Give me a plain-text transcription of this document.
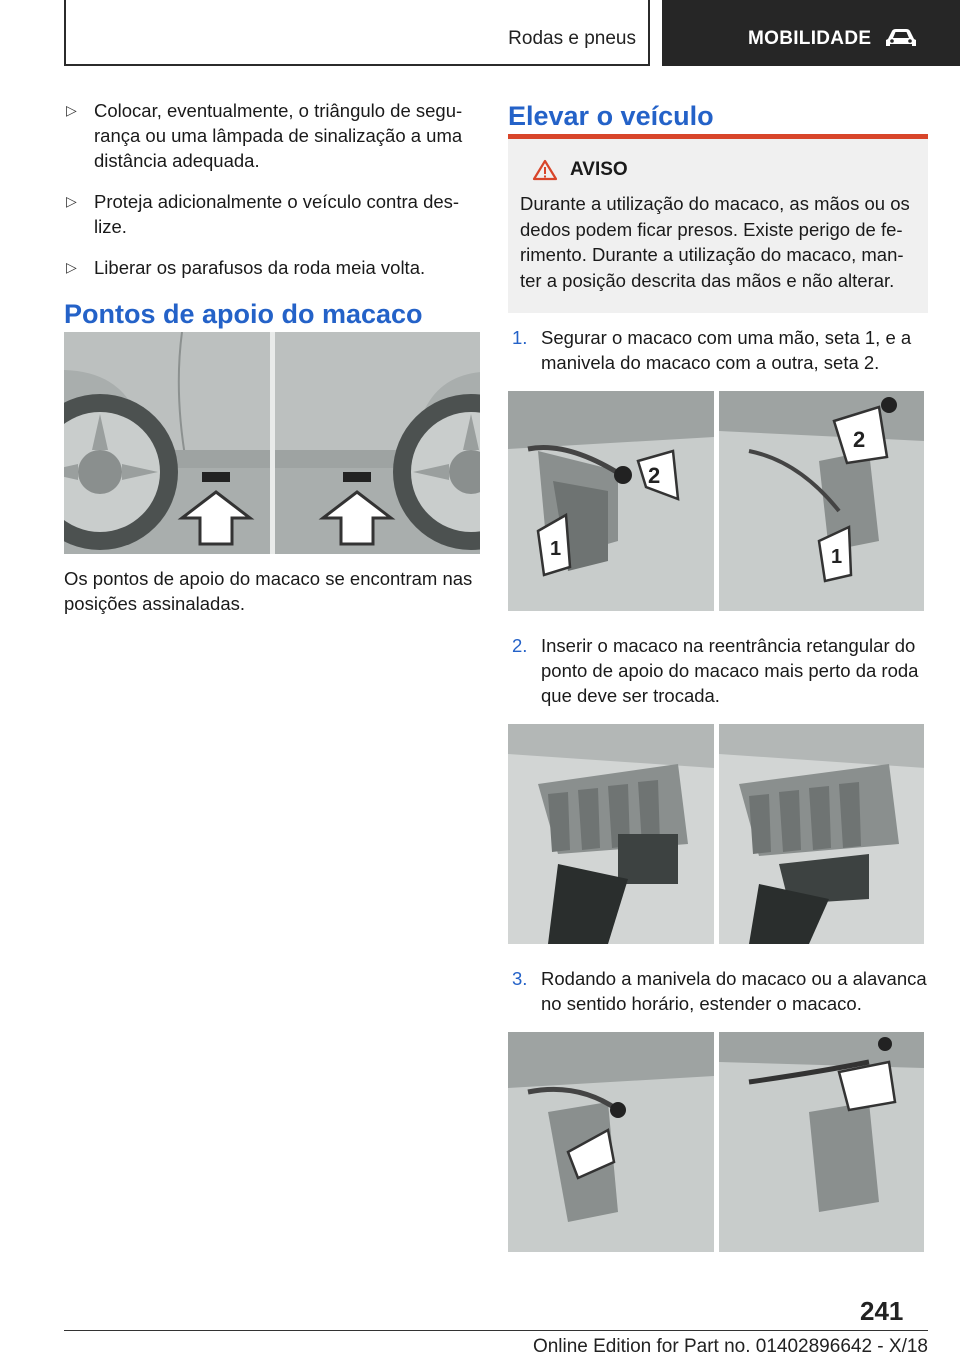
Rodas e pneus	MOBILIDADE
▷ Colocar, eventualmente, o triângulo de segurança ou uma lâmpada de sinalização a uma distância adequada.
▷ Proteja adicionalmente o veículo contra deslize.
▷ Liberar os parafusos da roda meia volta.
Pontos de apoio do macaco
Os pontos de apoio do macaco se encontram nas posições assinaladas.
Elevar o veículo
AVISO
Durante a utilização do macaco, as mãos ou os dedos podem ficar presos. Existe perigo de ferimento. Durante a utilização do macaco, manter a posição descrita das mãos e não alterar.
1. Segurar o macaco com uma mão, seta 1, e a manivela do macaco com a outra, seta 2.
2
1
2
1
2. Inserir o macaco na reentrância retangular do ponto de apoio do macaco mais perto da roda que deve ser trocada.
3. Rodando a manivela do macaco ou a alavanca no sentido horário, estender o macaco.
241
Online Edition for Part no. 01402896642 - X/18
